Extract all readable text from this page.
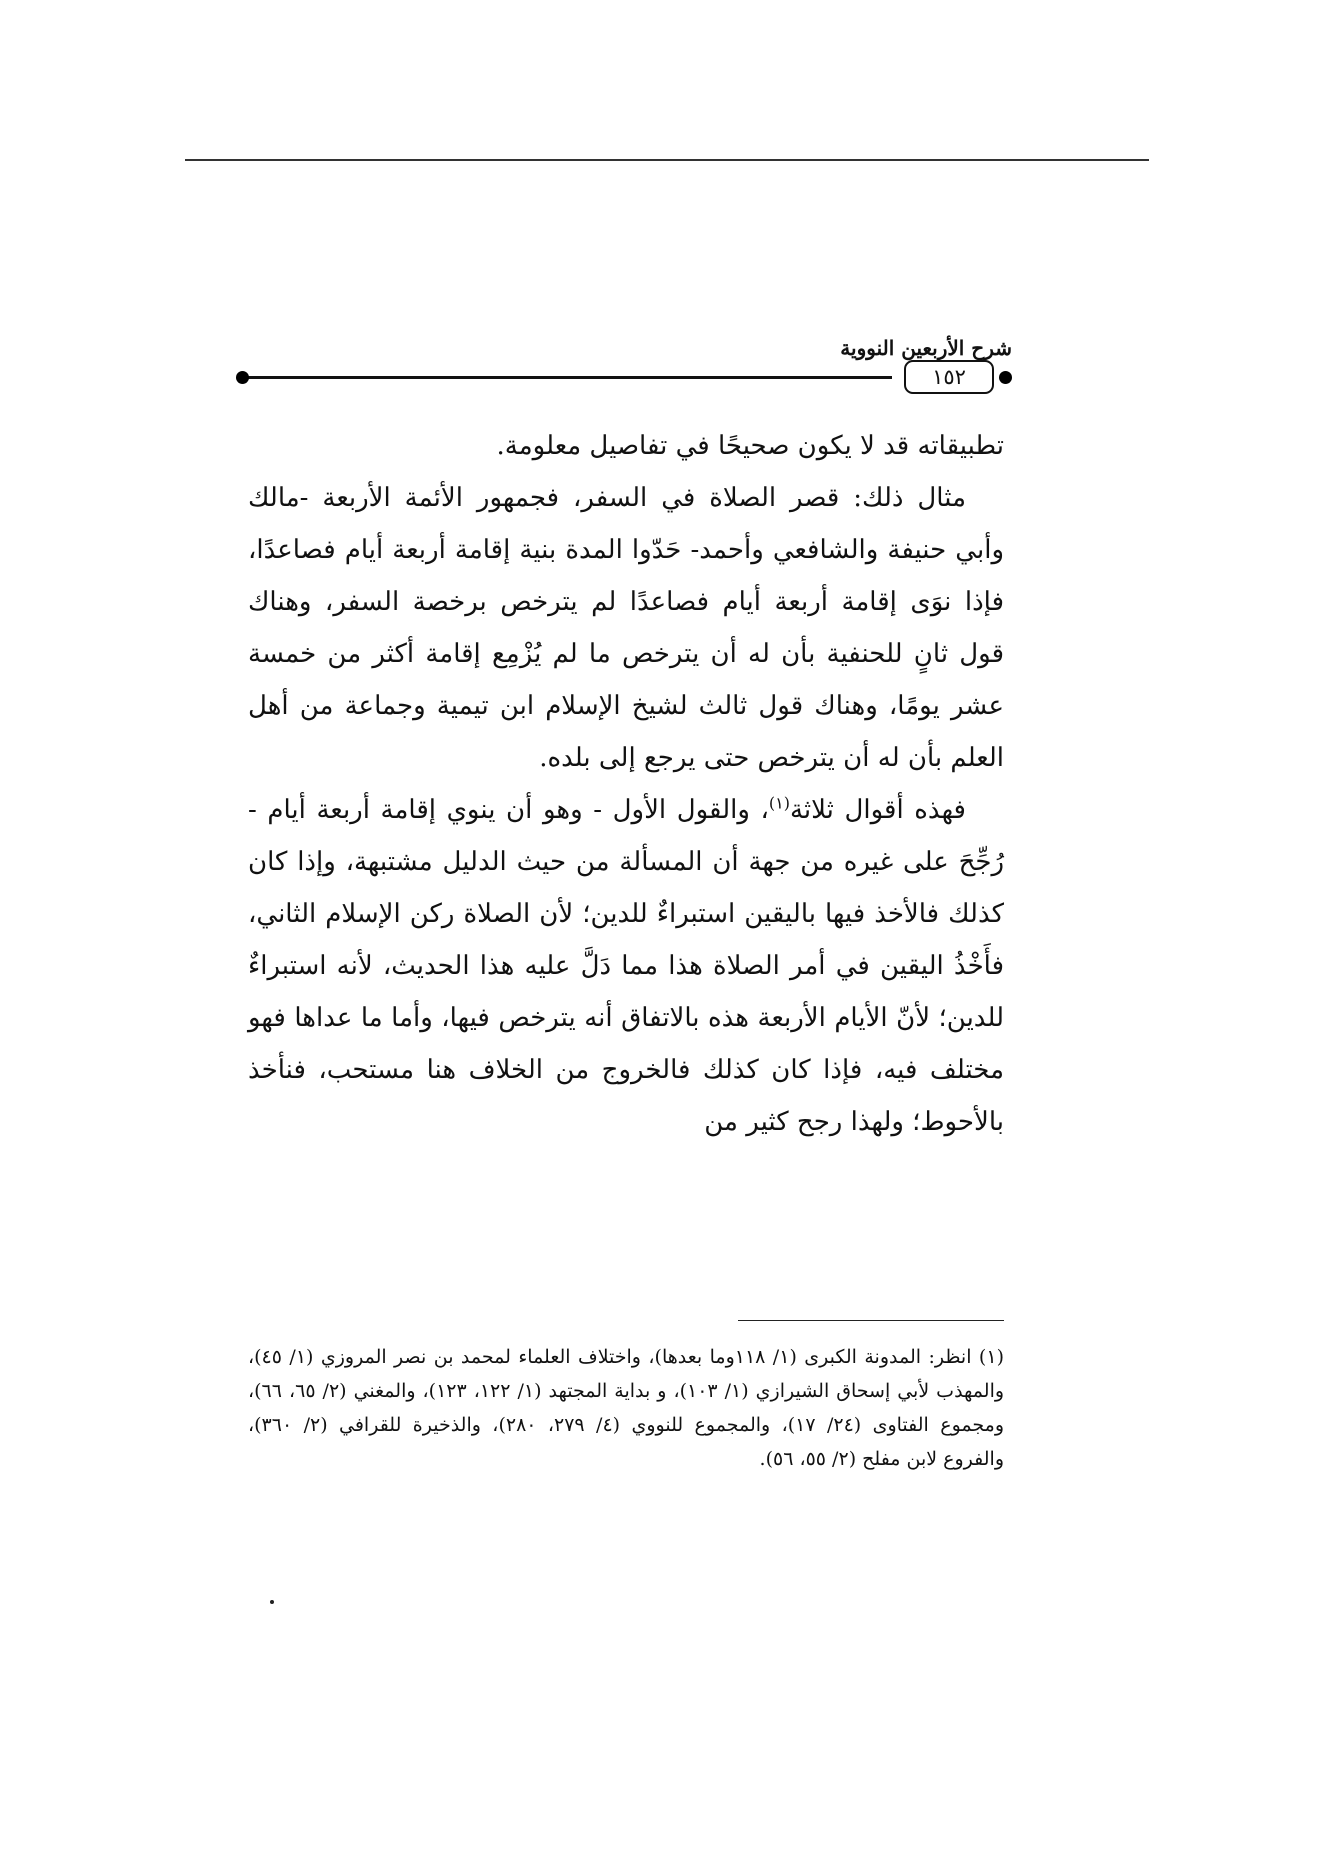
شرح الأربعين النووية
١٥٢

تطبيقاته قد لا يكون صحيحًا في تفاصيل معلومة.

مثال ذلك: قصر الصلاة في السفر، فجمهور الأئمة الأربعة -مالك وأبي حنيفة والشافعي وأحمد- حَدّوا المدة بنية إقامة أربعة أيام فصاعدًا، فإذا نوَى إقامة أربعة أيام فصاعدًا لم يترخص برخصة السفر، وهناك قول ثانٍ للحنفية بأن له أن يترخص ما لم يُزْمِع إقامة أكثر من خمسة عشر يومًا، وهناك قول ثالث لشيخ الإسلام ابن تيمية وجماعة من أهل العلم بأن له أن يترخص حتى يرجع إلى بلده.

فهذه أقوال ثلاثة$^{(١)}$، والقول الأول - وهو أن ينوي إقامة أربعة أيام - رُجِّحَ على غيره من جهة أن المسألة من حيث الدليل مشتبهة، وإذا كان كذلك فالأخذ فيها باليقين استبراءٌ للدين؛ لأن الصلاة ركن الإسلام الثاني، فأَخْذُ اليقين في أمر الصلاة هذا مما دَلَّ عليه هذا الحديث، لأنه استبراءٌ للدين؛ لأنّ الأيام الأربعة هذه بالاتفاق أنه يترخص فيها، وأما ما عداها فهو مختلف فيه، فإذا كان كذلك فالخروج من الخلاف هنا مستحب، فنأخذ بالأحوط؛ ولهذا رجح كثير من

(١) انظر: المدونة الكبرى (١/ ١١٨وما بعدها)، واختلاف العلماء لمحمد بن نصر المروزي (١/ ٤٥)، والمهذب لأبي إسحاق الشيرازي (١/ ١٠٣)، و بداية المجتهد (١/ ١٢٢، ١٢٣)، والمغني (٢/ ٦٥، ٦٦)، ومجموع الفتاوى (٢٤/ ١٧)، والمجموع للنووي (٤/ ٢٧٩، ٢٨٠)، والذخيرة للقرافي (٢/ ٣٦٠)، والفروع لابن مفلح (٢/ ٥٥، ٥٦).
